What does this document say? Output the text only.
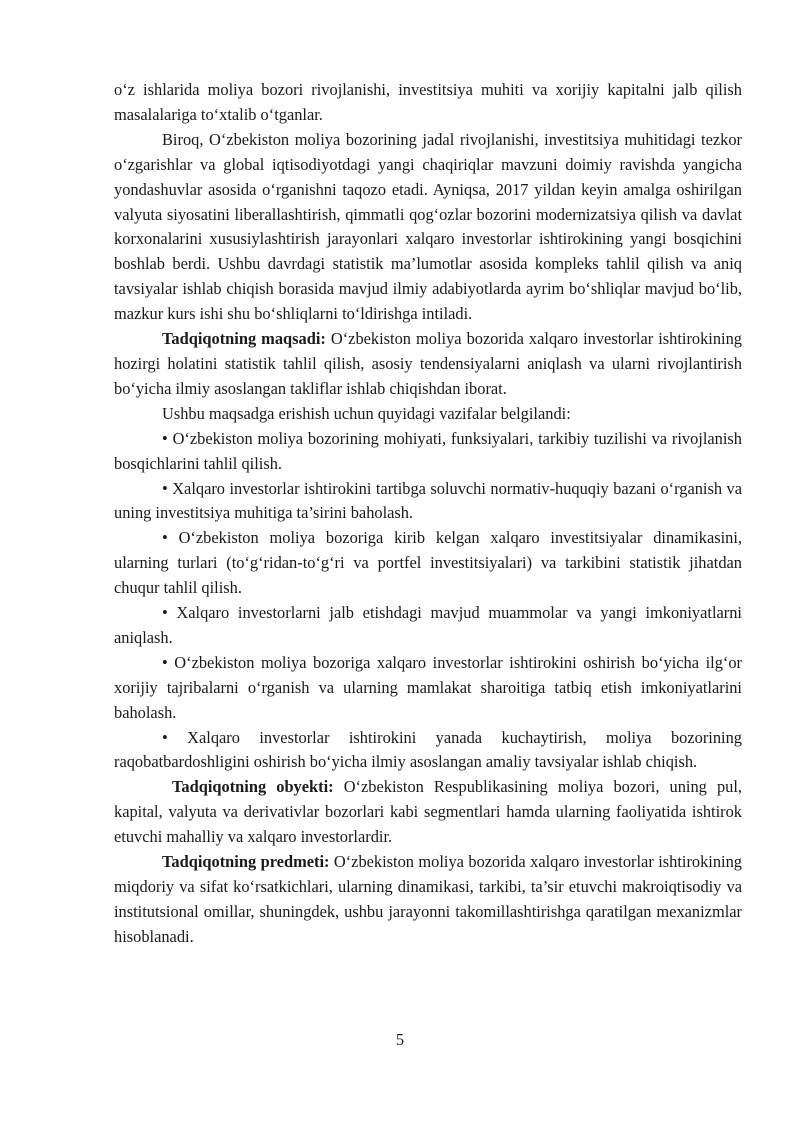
o‘z ishlarida moliya bozori rivojlanishi, investitsiya muhiti va xorijiy kapitalni jalb qilish masalalariga to‘xtalib o‘tganlar.

Biroq, O‘zbekiston moliya bozorining jadal rivojlanishi, investitsiya muhitidagi tezkor o‘zgarishlar va global iqtisodiyotdagi yangi chaqiriqlar mavzuni doimiy ravishda yangicha yondashuvlar asosida o‘rganishni taqozo etadi. Ayniqsa, 2017 yildan keyin amalga oshirilgan valyuta siyosatini liberallashtirish, qimmatli qog‘ozlar bozorini modernizatsiya qilish va davlat korxonalarini xususiylashtirish jarayonlari xalqaro investorlar ishtirokining yangi bosqichini boshlab berdi. Ushbu davrdagi statistik ma’lumotlar asosida kompleks tahlil qilish va aniq tavsiyalar ishlab chiqish borasida mavjud ilmiy adabiyotlarda ayrim bo‘shliqlar mavjud bo‘lib, mazkur kurs ishi shu bo‘shliqlarni to‘ldirishga intiladi.

Tadqiqotning maqsadi: O‘zbekiston moliya bozorida xalqaro investorlar ishtirokining hozirgi holatini statistik tahlil qilish, asosiy tendensiyalarni aniqlash va ularni rivojlantirish bo‘yicha ilmiy asoslangan takliflar ishlab chiqishdan iborat.

Ushbu maqsadga erishish uchun quyidagi vazifalar belgilandi:

• O‘zbekiston moliya bozorining mohiyati, funksiyalari, tarkibiy tuzilishi va rivojlanish bosqichlarini tahlil qilish.

• Xalqaro investorlar ishtirokini tartibga soluvchi normativ-huquqiy bazani o‘rganish va uning investitsiya muhitiga ta’sirini baholash.

• O‘zbekiston moliya bozoriga kirib kelgan xalqaro investitsiyalar dinamikasini, ularning turlari (to‘g‘ridan-to‘g‘ri va portfel investitsiyalari) va tarkibini statistik jihatdan chuqur tahlil qilish.

• Xalqaro investorlarni jalb etishdagi mavjud muammolar va yangi imkoniyatlarni aniqlash.

• O‘zbekiston moliya bozoriga xalqaro investorlar ishtirokini oshirish bo‘yicha ilg‘or xorijiy tajribalarni o‘rganish va ularning mamlakat sharoitiga tatbiq etish imkoniyatlarini baholash.

• Xalqaro investorlar ishtirokini yanada kuchaytirish, moliya bozorining raqobatbardoshligini oshirish bo‘yicha ilmiy asoslangan amaliy tavsiyalar ishlab chiqish.

Tadqiqotning obyekti: O‘zbekiston Respublikasining moliya bozori, uning pul, kapital, valyuta va derivativlar bozorlari kabi segmentlari hamda ularning faoliyatida ishtirok etuvchi mahalliy va xalqaro investorlardir.

Tadqiqotning predmeti: O‘zbekiston moliya bozorida xalqaro investorlar ishtirokining miqdoriy va sifat ko‘rsatkichlari, ularning dinamikasi, tarkibi, ta’sir etuvchi makroiqtisodiy va institutsional omillar, shuningdek, ushbu jarayonni takomillashtirishga qaratilgan mexanizmlar hisoblanadi.

5
